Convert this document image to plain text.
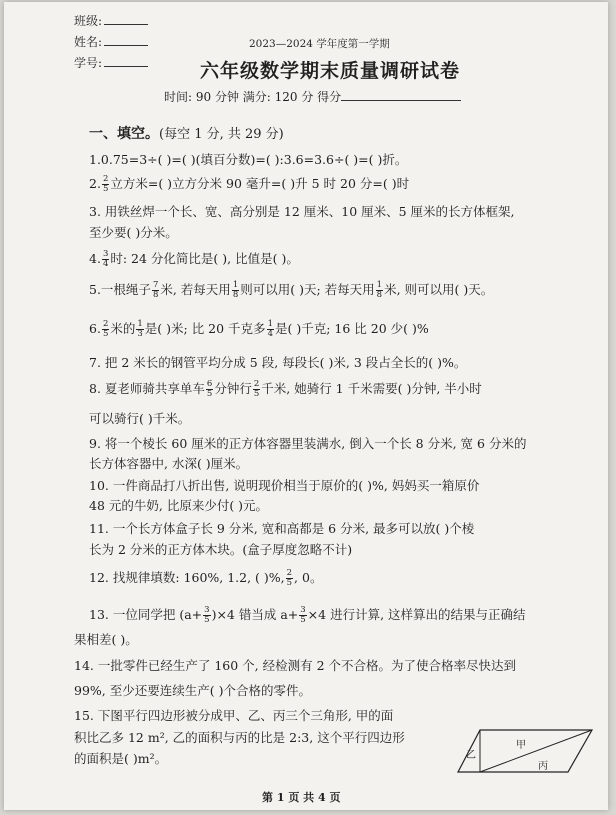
班级:
姓名:
学号:
2023—2024 学年度第一学期
六年级数学期末质量调研试卷
时间: 90 分钟 满分: 120 分 得分
一、填空。(每空 1 分, 共 29 分)
1.0.75=3÷( )=( )(填百分数)=( ):3.6=3.6÷( )=( )折。
2. $\frac{2}{5}$ 立方米=( )立方分米 90 毫升=( )升 5 时 20 分=( )时
3. 用铁丝焊一个长、宽、高分别是 12 厘米、10 厘米、5 厘米的长方体框架,
至少要( )分米。
4. $\frac{3}{4}$ 时: 24 分化简比是( ), 比值是( )。
5.一根绳子 $\frac{7}{8}$ 米, 若每天用 $\frac{1}{8}$ 则可以用( )天; 若每天用 $\frac{1}{8}$ 米, 则可以用( )天。
6. $\frac{2}{5}$ 米的 $\frac{1}{3}$ 是( )米; 比 20 千克多 $\frac{1}{4}$ 是( )千克; 16 比 20 少( )%
7. 把 2 米长的钢管平均分成 5 段, 每段长( )米, 3 段占全长的( )%。
8. 夏老师骑共享单车 $\frac{6}{5}$ 分钟行 $\frac{2}{5}$ 千米, 她骑行 1 千米需要( )分钟, 半小时
可以骑行( )千米。
9. 将一个棱长 60 厘米的正方体容器里装满水, 倒入一个长 8 分米, 宽 6 分米的
长方体容器中, 水深( )厘米。
10. 一件商品打八折出售, 说明现价相当于原价的( )%, 妈妈买一箱原价
48 元的牛奶, 比原来少付( )元。
11. 一个长方体盒子长 9 分米, 宽和高都是 6 分米, 最多可以放( )个棱
长为 2 分米的正方体木块。(盒子厚度忽略不计)
12. 找规律填数: 160%, 1.2, ( )%, $\frac{2}{5}$ , 0。
13. 一位同学把 $(a+ \frac{3}{5} )\times 4$ 错当成 $a+ \frac{3}{5} \times 4$ 进行计算, 这样算出的结果与正确结
果相差( )。
14. 一批零件已经生产了 160 个, 经检测有 2 个不合格。为了使合格率尽快达到
99%, 至少还要连续生产( )个合格的零件。
15. 下图平行四边形被分成甲、乙、丙三个三角形, 甲的面
积比乙多 12 m², 乙的面积与丙的比是 2:3, 这个平行四边形
的面积是( )m²。	乙
甲
丙
第 1 页 共 4 页
